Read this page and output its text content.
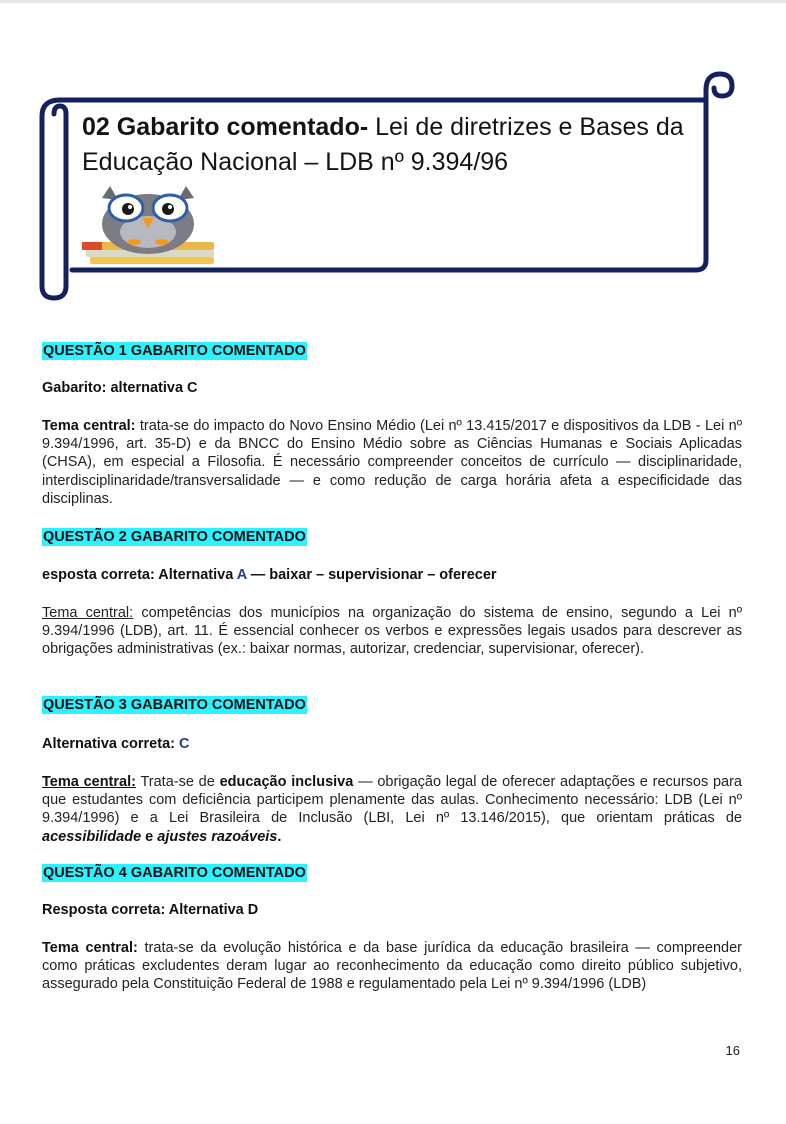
02 Gabarito comentado- Lei de diretrizes e Bases da Educação Nacional – LDB nº 9.394/96
QUESTÃO 1 GABARITO COMENTADO
Gabarito: alternativa C
Tema central: trata-se do impacto do Novo Ensino Médio (Lei nº 13.415/2017 e dispositivos da LDB - Lei nº 9.394/1996, art. 35-D) e da BNCC do Ensino Médio sobre as Ciências Humanas e Sociais Aplicadas (CHSA), em especial a Filosofia. É necessário compreender conceitos de currículo — disciplinaridade, interdisciplinaridade/transversalidade — e como redução de carga horária afeta a especificidade das disciplinas.
QUESTÃO 2 GABARITO COMENTADO
esposta correta: Alternativa A — baixar – supervisionar – oferecer
Tema central: competências dos municípios na organização do sistema de ensino, segundo a Lei nº 9.394/1996 (LDB), art. 11. É essencial conhecer os verbos e expressões legais usados para descrever as obrigações administrativas (ex.: baixar normas, autorizar, credenciar, supervisionar, oferecer).
QUESTÃO 3 GABARITO COMENTADO
Alternativa correta: C
Tema central: Trata-se de educação inclusiva — obrigação legal de oferecer adaptações e recursos para que estudantes com deficiência participem plenamente das aulas. Conhecimento necessário: LDB (Lei nº 9.394/1996) e a Lei Brasileira de Inclusão (LBI, Lei nº 13.146/2015), que orientam práticas de acessibilidade e ajustes razoáveis.
QUESTÃO 4 GABARITO COMENTADO
Resposta correta: Alternativa D
Tema central: trata-se da evolução histórica e da base jurídica da educação brasileira — compreender como práticas excludentes deram lugar ao reconhecimento da educação como direito público subjetivo, assegurado pela Constituição Federal de 1988 e regulamentado pela Lei nº 9.394/1996 (LDB)
16
